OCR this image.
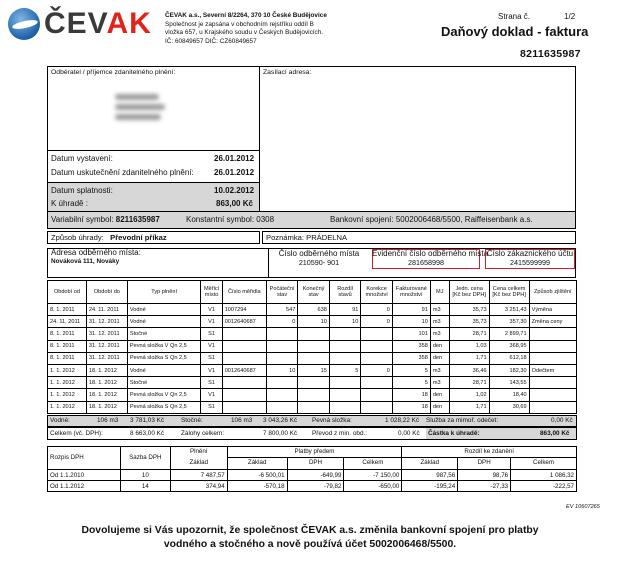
ČEVAK ČEVAK a.s., Severní 8/2264, 370 10 České Budějovice
Společnost je zapsána v obchodním rejstříku oddíl B
vložka 657, u Krajského soudu v Českých Budějovicích.
IČ: 60849657 DIČ: CZ60849657
Strana č.	1/2
Daňový doklad - faktura
8211635987
Odběratel / příjemce zdanitelného plnění:	Zasílací adresa:
Datum vystavení:	26.01.2012
Datum uskutečnění zdanitelného plnění:	26.01.2012
Datum splatnosti:	10.02.2012
K úhradě :	863,00 Kč
Variabilní symbol: 8211635987	Konstantní symbol: 0308	Bankovní spojení: 5002006468/5500, Raiffeisenbank a.s.
Způsob úhrady: Převodní příkaz	Poznámka: PRÁDELNA
Adresa odběrného místa:
Nováková 111, Nováky
Číslo odběrného místa
210590- 901
Evidenční číslo odběrného místa
281658998
Číslo zákaznického účtu
2415599999
Období od	Období do	Typ plnění	Měřicí místo	Číslo měřidla	Počáteční stav	Konečný stav	Rozdíl stavů	Korekce množství	Fakturované množství	MJ	Jedn. cena [Kč bez DPH]	Cena celkem [Kč bez DPH]	Způsob zjištění
8. 1. 2011	24. 11. 2011	Vodné	V1	1007294	547	638	91	0	91	m3	35,73	3 251,43	Výměna
24. 11. 2011	31. 12. 2011	Vodné	V1	0012640687	0	10	10	0	10	m3	35,73	357,30	Změna ceny
8. 1. 2011	31. 12. 2011	Stočné	S1						101	m3	28,71	2 899,71	
8. 1. 2011	31. 12. 2011	Pevná složka V Qn 2,5	V1						358	den	1,03	368,95	
8. 1. 2011	31. 12. 2011	Pevná složka S Qn 2,5	S1						358	den	1,71	612,18	
1. 1. 2012	18. 1. 2012	Vodné	V1	0012640687	10	15	5	0	5	m3	36,46	182,30	Odečtem
1. 1. 2012	18. 1. 2012	Stočné	S1						5	m3	28,71	143,55	
1. 1. 2012	18. 1. 2012	Pevná složka V Qn 2,5	V1						18	den	1,02	18,40	
1. 1. 2012	18. 1. 2012	Pevná složka S Qn 2,5	S1						18	den	1,71	30,69	
Vodné:	106 m3 3 781,03 Kč	Stočné:	106 m3 3 043,26 Kč Pevná složka:	1 028,22 Kč Služba za mimoř. odečet:	0,00 Kč
Celkem (vč. DPH):	8 663,00 Kč	Zálohy celkem:	7 800,00 Kč Převod z min. obd.:	0,00 Kč Částka k úhradě:	863,00 Kč
Rozpis DPH	Sazba DPH	Plnění	Platby předem			Rozdíl ke zdanění		
		Základ	Základ	DPH	Celkem	Základ	DPH	Celkem
Od 1.1.2010	10	7 487,57	-6 500,01	-649,99	-7 150,00	987,56	98,76	1 086,32
Od 1.1.2012	14	374,94	-570,18	-79,82	-650,00	-195,24	-27,33	-222,57
EV 10607265
Dovolujeme si Vás upozornit, že společnost ČEVAK a.s. změnila bankovní spojení pro platby vodného a stočného a nově používá účet 5002006468/5500.
